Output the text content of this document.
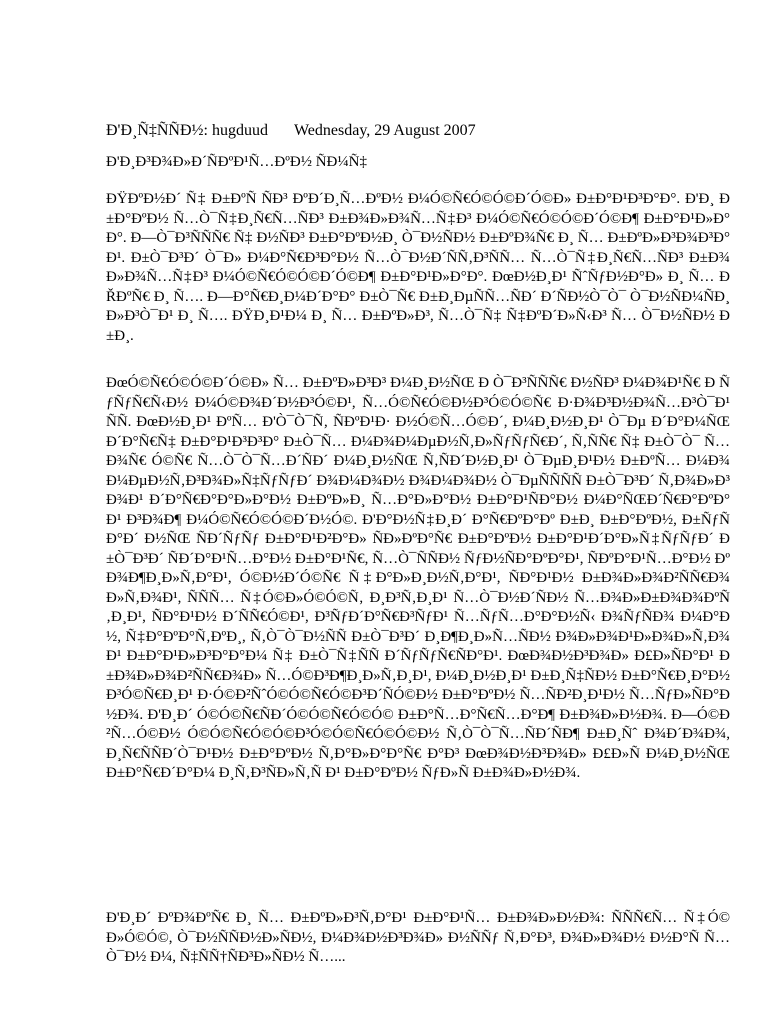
Ð'Ð¸Ñ‡ÑÑÐ½: hugduud Wednesday, 29 August 2007
Ð'Ð¸Ð³Ð¾Ð»Ð´ÑÐºÐ¹Ñ…ÐºÐ½ ÑÐ¼Ñ‡

ÐŸÐºÐ½Ð´ Ñ‡ Ð±ÐºÑ ÑÐ³ ÐºÐ´Ð¸Ñ…ÐºÐ½ Ð¼Ó©Ñ€Ó©Ó©Ð´Ó©Ð» Ð±Ð°Ð¹Ð³Ð°Ð°. Ð'Ð¸ Ð±Ð°ÐºÐ½ Ñ…Ò¯Ñ‡Ð¸Ñ€Ñ…ÑÐ³ Ð±Ð¾Ð»Ð¾Ñ…Ñ‡Ð³ Ð¼Ó©Ñ€Ó©Ó©Ð´Ó©Ð¶ Ð±Ð°Ð¹Ð»Ð°Ð°. Ð—Ò¯Ð³ÑÑÑ€ Ñ‡ Ð½ÑÐ³ Ð±Ð°ÐºÐ½Ð¸ Ò¯Ð½ÑÐ½ Ð±ÐºÐ¾Ñ€ Ð¸ Ñ… Ð±ÐºÐ»Ð³Ð¾Ð³Ð°Ð¹. Ð±Ò¯Ð³Ð´ Ò¯Ð» Ð¼Ð°Ñ€Ð³Ð°Ð½ Ñ…Ò¯Ð½Ð´ÑÑ‚Ð³ÑÑ… Ñ…Ò¯Ñ‡Ð¸Ñ€Ñ…ÑÐ³ Ð±Ð¾Ð»Ð¾Ñ…Ñ‡Ð³ Ð¼Ó©Ñ€Ó©Ó©Ð´Ó©Ð¶ Ð±Ð°Ð¹Ð»Ð°Ð°. ÐœÐ½Ð¸Ð¹ ÑˆÑƒÐ½Ð°Ð» Ð¸ Ñ… ÐŘÐºÑ€ Ð¸ Ñ…. Ð—Ð°Ñ€Ð¸Ð¼Ð´Ð°Ð° Ð±Ò¯Ñ€ Ð±Ð¸ÐµÑÑ…ÑÐ´ Ð´ÑÐ½Ò¯Ò¯ Ò¯Ð½ÑÐ¼ÑÐ¸Ð»Ð³Ò¯Ð¹ Ð¸ Ñ…. ÐŸÐ¸Ð¹Ð¼ Ð¸ Ñ… Ð±ÐºÐ»Ð³, Ñ…Ò¯Ñ‡ Ñ‡ÐºÐ´Ð»Ñ‹Ð³ Ñ… Ò¯Ð½ÑÐ½ Ð±Ð¸.

ÐœÓ©Ñ€Ó©Ó©Ð´Ó©Ð» Ñ… Ð±ÐºÐ»Ð³Ð³ Ð¼Ð¸Ð½ÑŒ Ð Ò¯Ð³ÑÑÑ€ Ð½ÑÐ³ Ð¼Ð¾Ð¹Ñ€ Ð ÑƒÑƒÑ€Ñ‹Ð½ Ð¼Ó©Ð¾Ð´Ð½Ð³Ó©Ð¹, Ñ…Ó©Ñ€Ó©Ð½Ð³Ó©Ó©Ñ€ Ð·Ð¾Ð³Ð½Ð¾Ñ…Ð³Ò¯Ð¹ ÑÑ. ÐœÐ½Ð¸Ð¹ ÐºÑ… Ð'Ò¯Ò¯Ñ‚ ÑÐºÐ¹Ð· Ð½Ó©Ñ…Ó©Ð´, Ð¼Ð¸Ð½Ð¸Ð¹ Ò¯Ðµ Ð´Ð°Ð¼ÑŒÐ´Ð°Ñ€Ñ‡ Ð±Ð°Ð¹Ð³Ð³Ð° Ð±Ò¯Ñ… Ð¼Ð¾Ð¼ÐµÐ½Ñ‚Ð»ÑƒÑƒÑ€Ð´, Ñ‚ÑÑ€ Ñ‡ Ð±Ò¯Ò¯ Ñ…Ð¾Ñ€ Ó©Ñ€ Ñ…Ò¯Ò¯Ñ…Ð´ÑÐ´ Ð¼Ð¸Ð½ÑŒ Ñ‚ÑÐ´Ð½Ð¸Ð¹ Ò¯ÐµÐ¸Ð¹Ð½ Ð±ÐºÑ… Ð¼Ð¾Ð¼ÐµÐ½Ñ‚Ð³Ð¾Ð»Ñ‡ÑƒÑƒÐ´ Ð¾Ð¼Ð¾Ð½ Ð¾Ð¼Ð¾Ð½ Ò¯ÐµÑÑÑÑ Ð±Ò¯Ð³Ð´ Ñ‚Ð¾Ð»Ð³Ð¾Ð¹ Ð´Ð°Ñ€Ð°Ð°Ð»Ð°Ð½ Ð±ÐºÐ»Ð¸ Ñ…Ð°Ð»Ð°Ð½ Ð±Ð°Ð¹ÑÐ°Ð½ Ð¼Ð°ÑŒÐ´Ñ€Ð°ÐºÐ°Ð¹ Ð³Ð¾Ð¶ Ð¼Ó©Ñ€Ó©Ó©Ð´Ð½Ó©. Ð'Ð°Ð½Ñ‡Ð¸Ð´ Ð°Ñ€ÐºÐ°Ðº Ð±Ð¸ Ð±Ð°ÐºÐ½, Ð±ÑƒÑÐ°Ð´ Ð½ÑŒ ÑÐ´ÑƒÑƒ Ð±Ð°Ð¹Ð²Ð°Ð» ÑÐ»ÐºÐ°Ñ€ Ð±Ð°ÐºÐ½ Ð±Ð°Ð¹Ð´Ð°Ð»Ñ‡ÑƒÑƒÐ´ Ð±Ò¯Ð³Ð´ ÑÐ´Ð°Ð¹Ñ…Ð°Ð½ Ð±Ð°Ð¹Ñ€, Ñ…Ò¯ÑÑÐ½ ÑƒÐ½ÑÐ°ÐºÐ°Ð¹, ÑÐºÐ°Ð¹Ñ…Ð°Ð½ ÐºÐ¾Ð¶Ð¸Ð»Ñ‚Ð°Ð¹, Ó©Ð½Ð´Ó©Ñ€ Ñ‡Ð°Ð»Ð¸Ð½Ñ‚Ð°Ð¹, ÑÐ°Ð¹Ð½ Ð±Ð¾Ð»Ð¾Ð²ÑÑ€Ð¾Ð»Ñ‚Ð¾Ð¹, ÑÑÑ… Ñ‡Ó©Ð»Ó©Ó©Ñ‚ Ð¸Ð³Ñ‚Ð¸Ð¹ Ñ…Ò¯Ð½Ð´ÑÐ½ Ñ…Ð¾Ð»Ð±Ð¾Ð¾ÐºÑ‚Ð¸Ð¹, ÑÐ°Ð¹Ð½ Ð´ÑÑ€Ó©Ð¹, Ð³ÑƒÐ´Ð°Ñ€Ð³ÑƒÐ¹ Ñ…ÑƒÑ…Ð°Ð°Ð½Ñ‹ Ð¾ÑƒÑÐ¾ Ð¼Ð°Ð½, Ñ‡Ð°ÐºÐ°Ñ‚ÐºÐ¸, Ñ‚Ò¯Ò¯Ð½ÑÑ Ð±Ò¯Ð³Ð´ Ð¸Ð¶Ð¸Ð»Ñ…ÑÐ½ Ð¾Ð»Ð¾Ð¹Ð»Ð¾Ð»Ñ‚Ð¾Ð¹ Ð±Ð°Ð¹Ð»Ð³Ð°Ð°Ð¼ Ñ‡ Ð±Ò¯Ñ‡ÑÑ Ð´ÑƒÑƒÑ€ÑÐ°Ð¹. ÐœÐ¾Ð½Ð³Ð¾Ð» Ð£Ð»ÑÐ°Ð¹ Ð±Ð¾Ð»Ð¾Ð²ÑÑ€Ð¾Ð» Ñ…Ó©Ð³Ð¶Ð¸Ð»Ñ‚Ð¸Ð¹, Ð¼Ð¸Ð½Ð¸Ð¹ Ð±Ð¸Ñ‡ÑÐ½ Ð±Ð°Ñ€Ð¸Ð°Ð½ Ð³Ó©Ñ€Ð¸Ð¹ Ð·Ó©Ð²ÑˆÓ©Ó©Ñ€Ó©Ð³Ð´ÑÓ©Ð½ Ð±Ð°ÐºÐ½ Ñ…ÑÐ²Ð¸Ð¹Ð½ Ñ…ÑƒÐ»ÑÐ°Ð½Ð¾. Ð'Ð¸Ð´ Ó©Ó©Ñ€ÑÐ´Ó©Ó©Ñ€Ó©Ó© Ð±Ð°Ñ…Ð°Ñ€Ñ…Ð°Ð¶ Ð±Ð¾Ð»Ð½Ð¾. Ð—Ó©Ð²Ñ…Ó©Ð½ Ó©Ó©Ñ€Ó©Ó©Ð³Ó©Ó©Ñ€Ó©Ó©Ð½ Ñ‚Ò¯Ò¯Ñ…ÑÐ´ÑÐ¶ Ð±Ð¸Ñˆ Ð¾Ð´Ð¾Ð¾, Ð¸Ñ€ÑÑÐ´Ò¯Ð¹Ð½ Ð±Ð°ÐºÐ½ Ñ‚Ð°Ð»Ð°Ð°Ñ€ Ð°Ð³ ÐœÐ¾Ð½Ð³Ð¾Ð» Ð£Ð»Ñ Ð¼Ð¸Ð½ÑŒ Ð±Ð°Ñ€Ð´Ð°Ð¼ Ð¸Ñ‚Ð³ÑÐ»Ñ‚Ñ Ð¹ Ð±Ð°ÐºÐ½ ÑƒÐ»Ñ Ð±Ð¾Ð»Ð½Ð¾.

Ð'Ð¸Ð´ ÐºÐ¾ÐºÑ€ Ð¸ Ñ… Ð±ÐºÐ»Ð³Ñ‚Ð°Ð¹ Ð±Ð°Ð¹Ñ… Ð±Ð¾Ð»Ð½Ð¾: ÑÑÑ€Ñ… Ñ‡Ó©Ð»Ó©Ó©, Ò¯Ð½ÑÑÐ½Ð»ÑÐ½, Ð¼Ð¾Ð½Ð³Ð¾Ð» Ð½ÑÑƒ Ñ‚Ð°Ð³, Ð¾Ð»Ð¾Ð½ Ð½Ð°Ñ Ñ…Ò¯Ð½ Ð¼, Ñ‡ÑÑ†ÑÐ³Ð»ÑÐ½ Ñ…...
